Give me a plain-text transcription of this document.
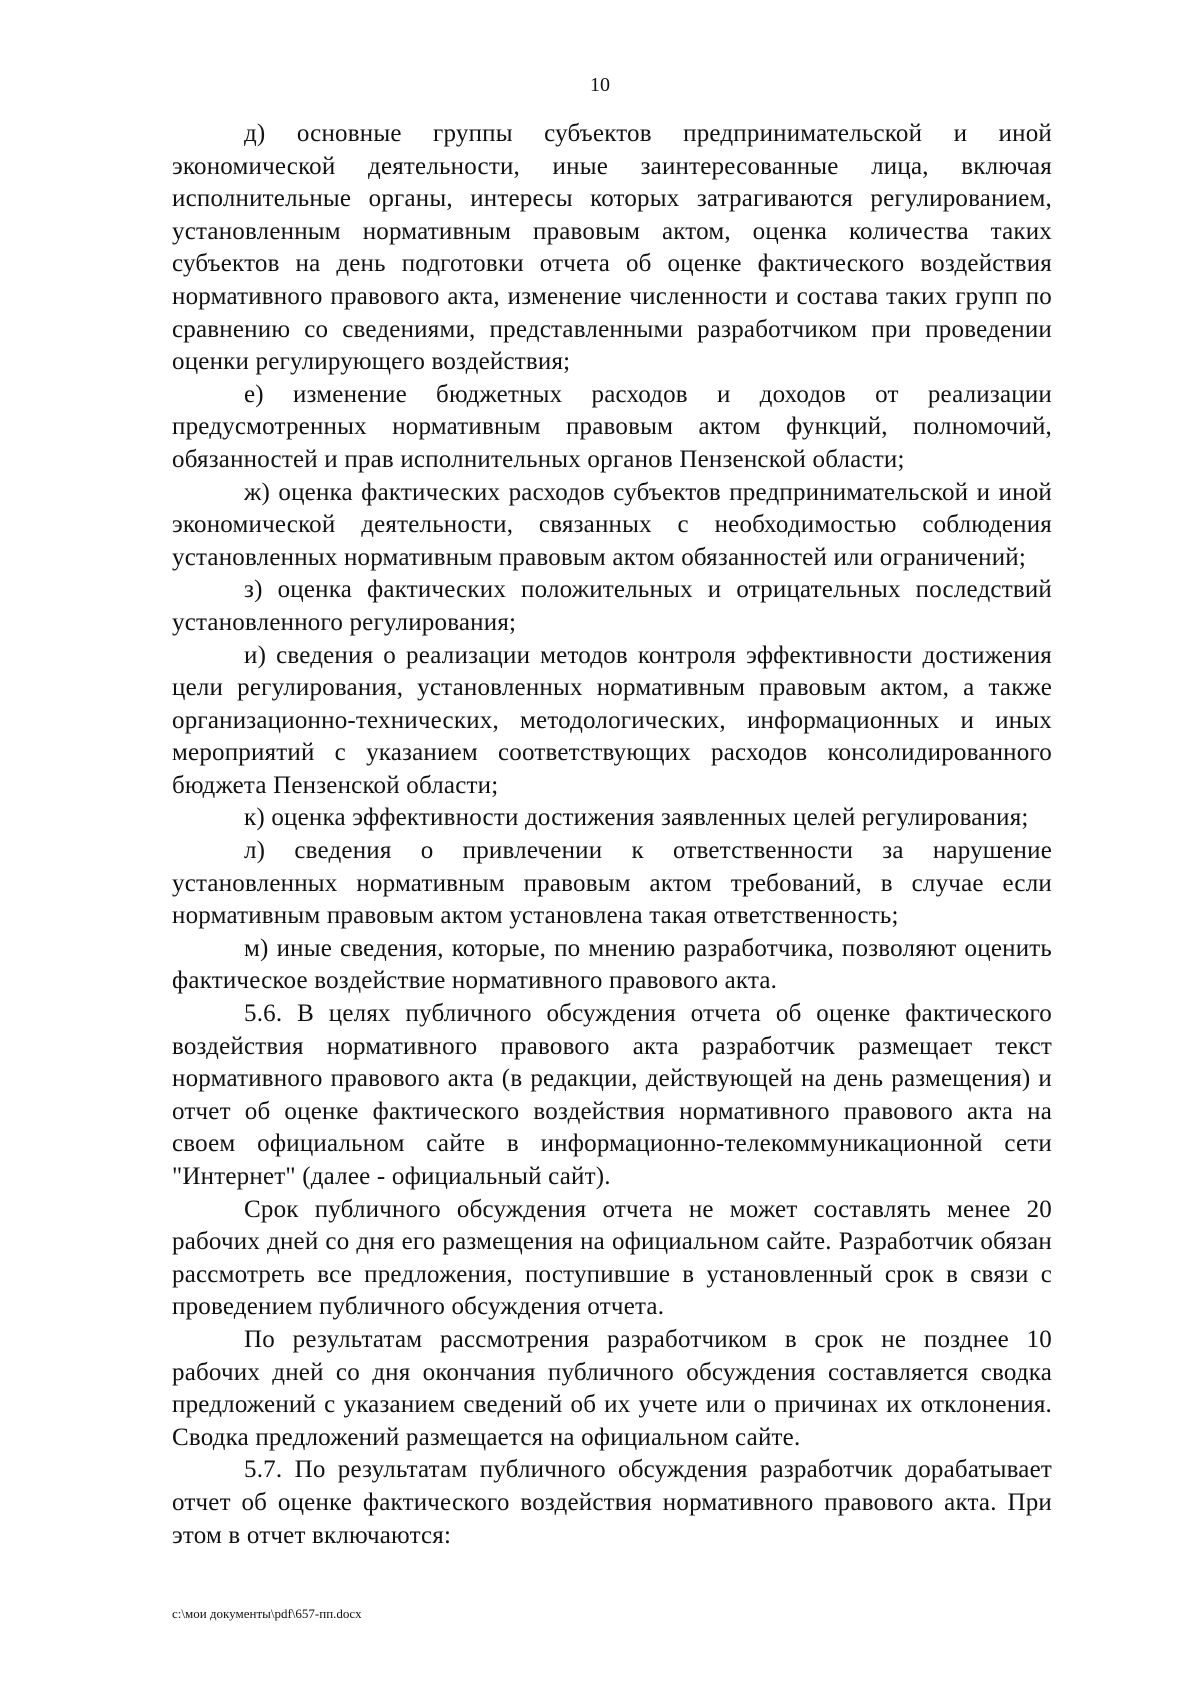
10

д) основные группы субъектов предпринимательской и иной экономической деятельности, иные заинтересованные лица, включая исполнительные органы, интересы которых затрагиваются регулированием, установленным нормативным правовым актом, оценка количества таких субъектов на день подготовки отчета об оценке фактического воздействия нормативного правового акта, изменение численности и состава таких групп по сравнению со сведениями, представленными разработчиком при проведении оценки регулирующего воздействия;

е) изменение бюджетных расходов и доходов от реализации предусмотренных нормативным правовым актом функций, полномочий, обязанностей и прав исполнительных органов Пензенской области;

ж) оценка фактических расходов субъектов предпринимательской и иной экономической деятельности, связанных с необходимостью соблюдения установленных нормативным правовым актом обязанностей или ограничений;

з) оценка фактических положительных и отрицательных последствий установленного регулирования;

и) сведения о реализации методов контроля эффективности достижения цели регулирования, установленных нормативным правовым актом, а также организационно-технических, методологических, информационных и иных мероприятий с указанием соответствующих расходов консолидированного бюджета Пензенской области;

к) оценка эффективности достижения заявленных целей регулирования;

л) сведения о привлечении к ответственности за нарушение установленных нормативным правовым актом требований, в случае если нормативным правовым актом установлена такая ответственность;

м) иные сведения, которые, по мнению разработчика, позволяют оценить фактическое воздействие нормативного правового акта.

5.6. В целях публичного обсуждения отчета об оценке фактического воздействия нормативного правового акта разработчик размещает текст нормативного правового акта (в редакции, действующей на день размещения) и отчет об оценке фактического воздействия нормативного правового акта на своем официальном сайте в информационно-телекоммуникационной сети "Интернет" (далее - официальный сайт).

Срок публичного обсуждения отчета не может составлять менее 20 рабочих дней со дня его размещения на официальном сайте. Разработчик обязан рассмотреть все предложения, поступившие в установленный срок в связи с проведением публичного обсуждения отчета.

По результатам рассмотрения разработчиком в срок не позднее 10 рабочих дней со дня окончания публичного обсуждения составляется сводка предложений с указанием сведений об их учете или о причинах их отклонения. Сводка предложений размещается на официальном сайте.

5.7. По результатам публичного обсуждения разработчик дорабатывает отчет об оценке фактического воздействия нормативного правового акта. При этом в отчет включаются:

c:\мои документы\pdf\657-пп.docx
